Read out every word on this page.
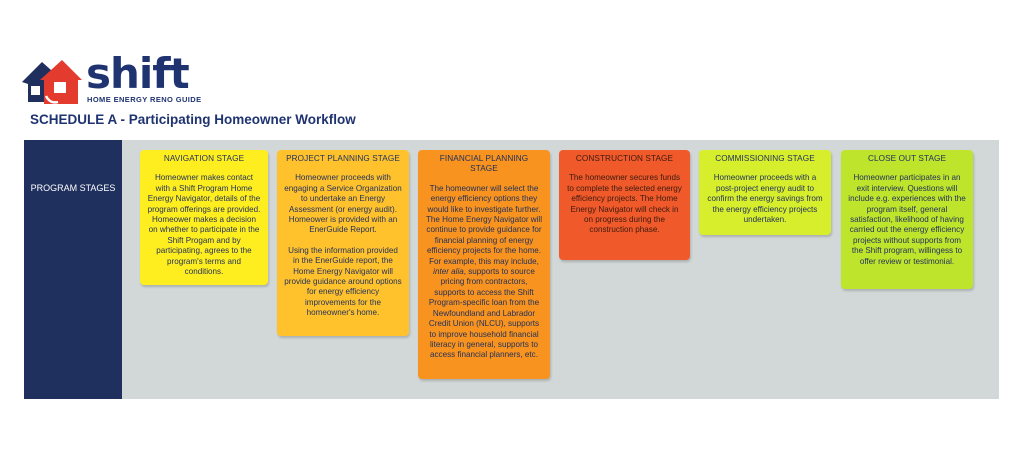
shift
HOME ENERGY RENO GUIDE
SCHEDULE A - Participating Homeowner Workflow
PROGRAM STAGES
NAVIGATION STAGE
Homeowner makes contact with a Shift Program Home Energy Navigator, details of the program offerings are provided. Homeower makes a decision on whether to participate in the Shift Progam and by participating, agrees to the program's terms and conditions.
PROJECT PLANNING STAGE
Homeowner proceeds with engaging a Service Organization to undertake an Energy Assessment (or energy audit). Homeower is provided with an EnerGuide Report.
Using the information provided in the EnerGuide report, the Home Energy Navigator will provide guidance around options for energy efficiency improvements for the homeowner's home.
FINANCIAL PLANNING STAGE
The homeowner will select the energy efficiency options they would like to investigate further. The Home Energy Navigator will continue to provide guidance for financial planning of energy efficiency projects for the home. For example, this may include, inter alia, supports to source pricing from contractors, supports to access the Shift Program-specific loan from the Newfoundland and Labrador Credit Union (NLCU), supports to improve household financial literacy in general, supports to access financial planners, etc.
CONSTRUCTION STAGE
The homeowner secures funds to complete the selected energy efficiency projects. The Home Energy Navigator will check in on progress during the construction phase.
COMMISSIONING STAGE
Homeowner proceeds with a post-project energy audit to confirm the energy savings from the energy efficiency projects undertaken.
CLOSE OUT STAGE
Homeowner participates in an exit interview. Questions will include e.g. experiences with the program itself, general satisfaction, likelihood of having carried out the energy efficiency projects without supports from the Shift program, willingess to offer review or testimonial.
